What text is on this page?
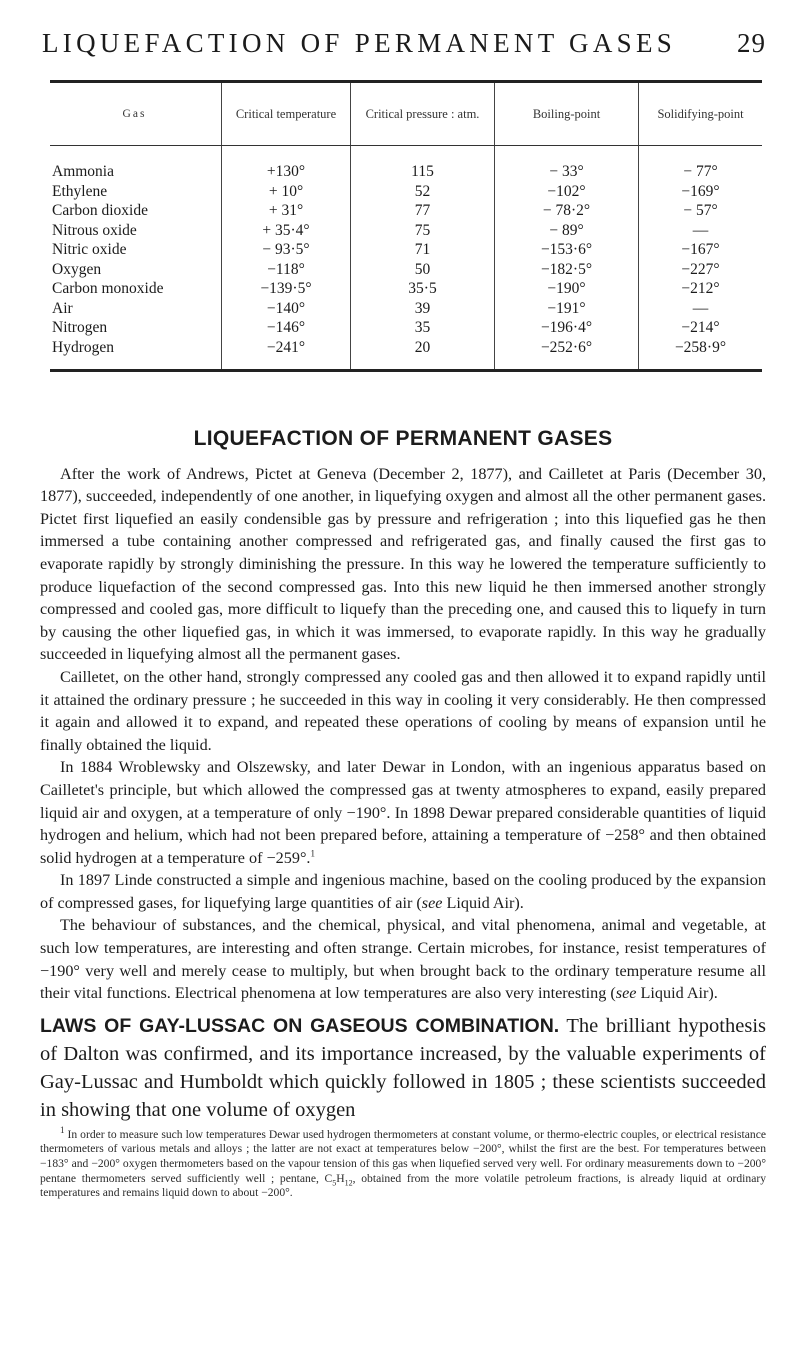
LIQUEFACTION OF PERMANENT GASES 29
Gas	Critical temperature	Critical pressure : atm.	Boiling-point	Solidifying-point
Ammonia	+130°	115	− 33°	− 77°
Ethylene	+ 10°	52	−102°	−169°
Carbon dioxide	+ 31°	77	− 78·2°	− 57°
Nitrous oxide	+ 35·4°	75	− 89°	—
Nitric oxide	− 93·5°	71	−153·6°	−167°
Oxygen	−118°	50	−182·5°	−227°
Carbon monoxide	−139·5°	35·5	−190°	−212°
Air	−140°	39	−191°	—
Nitrogen	−146°	35	−196·4°	−214°
Hydrogen	−241°	20	−252·6°	−258·9°
LIQUEFACTION OF PERMANENT GASES

After the work of Andrews, Pictet at Geneva (December 2, 1877), and Cailletet at Paris (December 30, 1877), succeeded, independently of one another, in liquefying oxygen and almost all the other permanent gases. Pictet first liquefied an easily condensible gas by pressure and refrigeration ; into this liquefied gas he then immersed a tube containing another compressed and refrigerated gas, and finally caused the first gas to evaporate rapidly by strongly diminishing the pressure. In this way he lowered the temperature sufficiently to produce liquefaction of the second compressed gas. Into this new liquid he then immersed another strongly compressed and cooled gas, more difficult to liquefy than the preceding one, and caused this to liquefy in turn by causing the other liquefied gas, in which it was immersed, to evaporate rapidly. In this way he gradually succeeded in liquefying almost all the permanent gases.

Cailletet, on the other hand, strongly compressed any cooled gas and then allowed it to expand rapidly until it attained the ordinary pressure ; he succeeded in this way in cooling it very considerably. He then compressed it again and allowed it to expand, and repeated these operations of cooling by means of expansion until he finally obtained the liquid.

In 1884 Wroblewsky and Olszewsky, and later Dewar in London, with an ingenious apparatus based on Cailletet's principle, but which allowed the compressed gas at twenty atmospheres to expand, easily prepared liquid air and oxygen, at a temperature of only −190°. In 1898 Dewar prepared considerable quantities of liquid hydrogen and helium, which had not been prepared before, attaining a temperature of −258° and then obtained solid hydrogen at a temperature of −259°.$^1$

In 1897 Linde constructed a simple and ingenious machine, based on the cooling produced by the expansion of compressed gases, for liquefying large quantities of air (see Liquid Air).

The behaviour of substances, and the chemical, physical, and vital phenomena, animal and vegetable, at such low temperatures, are interesting and often strange. Certain microbes, for instance, resist temperatures of −190° very well and merely cease to multiply, but when brought back to the ordinary temperature resume all their vital functions. Electrical phenomena at low temperatures are also very interesting (see Liquid Air).

LAWS OF GAY-LUSSAC ON GASEOUS COMBINATION. The brilliant hypothesis of Dalton was confirmed, and its importance increased, by the valuable experiments of Gay-Lussac and Humboldt which quickly followed in 1805 ; these scientists succeeded in showing that one volume of oxygen
$^1$ In order to measure such low temperatures Dewar used hydrogen thermometers at constant volume, or thermo-electric couples, or electrical resistance thermometers of various metals and alloys ; the latter are not exact at temperatures below −200°, whilst the first are the best. For temperatures between −183° and −200° oxygen thermometers based on the vapour tension of this gas when liquefied served very well. For ordinary measurements down to −200° pentane thermometers served sufficiently well ; pentane, $C_5H_{12}$, obtained from the more volatile petroleum fractions, is already liquid at ordinary temperatures and remains liquid down to about −200°.
